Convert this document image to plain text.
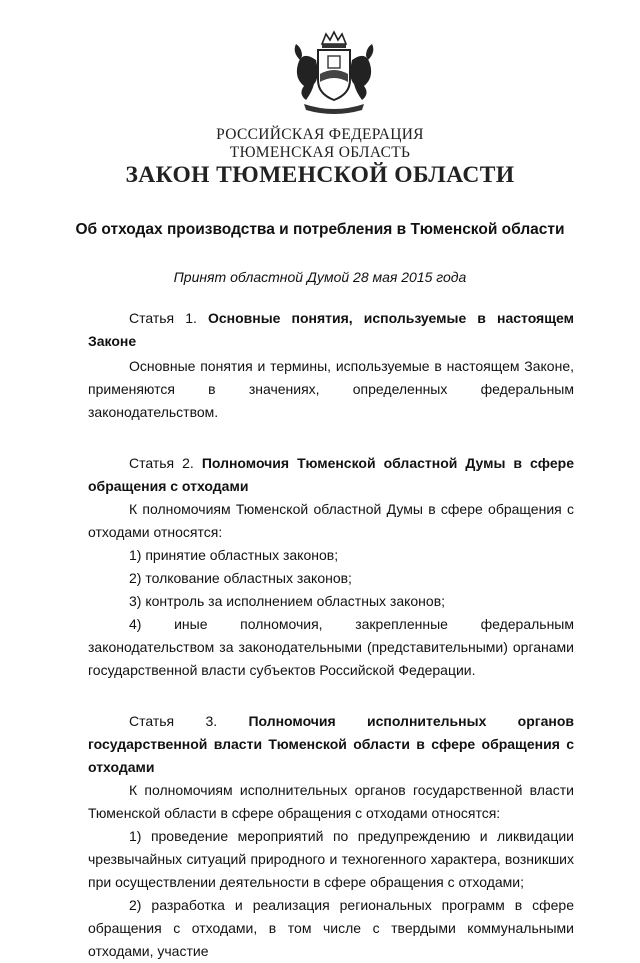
РОССИЙСКАЯ ФЕДЕРАЦИЯ
ТЮМЕНСКАЯ ОБЛАСТЬ
ЗАКОН ТЮМЕНСКОЙ ОБЛАСТИ
Об отходах производства и потребления в Тюменской области
Принят областной Думой 28 мая 2015 года

Статья 1. Основные понятия, используемые в настоящем Законе

Основные понятия и термины, используемые в настоящем Законе, применяются в значениях, определенных федеральным законодательством.

Статья 2. Полномочия Тюменской областной Думы в сфере обращения с отходами

К полномочиям Тюменской областной Думы в сфере обращения с отходами относятся:

1) принятие областных законов;

2) толкование областных законов;

3) контроль за исполнением областных законов;

4) иные полномочия, закрепленные федеральным законодательством за законодательными (представительными) органами государственной власти субъектов Российской Федерации.

Статья 3. Полномочия исполнительных органов государственной власти Тюменской области в сфере обращения с отходами

К полномочиям исполнительных органов государственной власти Тюменской области в сфере обращения с отходами относятся:

1) проведение мероприятий по предупреждению и ликвидации чрезвычайных ситуаций природного и техногенного характера, возникших при осуществлении деятельности в сфере обращения с отходами;

2) разработка и реализация региональных программ в сфере обращения с отходами, в том числе с твердыми коммунальными отходами, участие
